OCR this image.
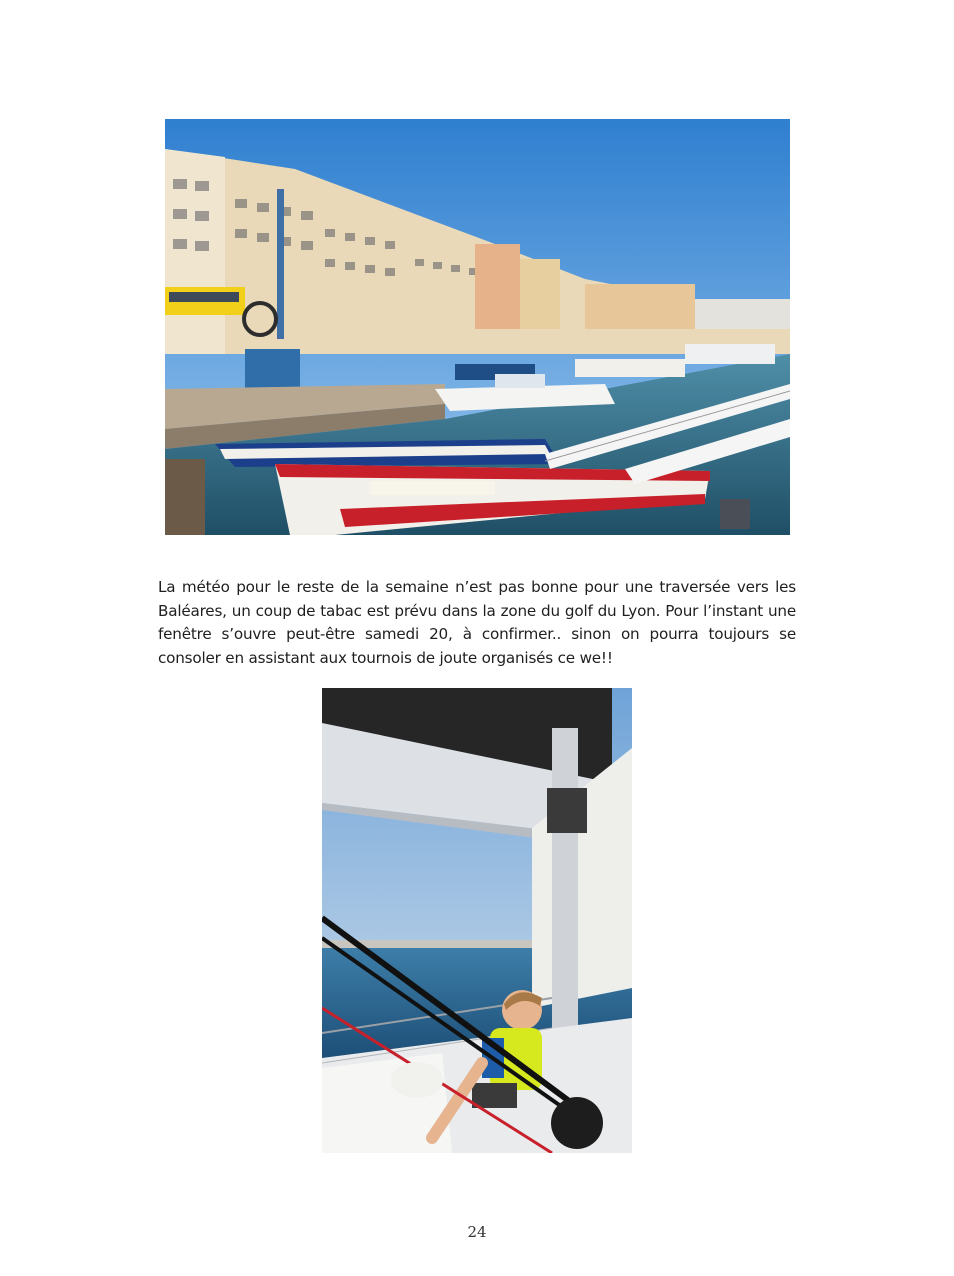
La météo pour le reste de la semaine n’est pas bonne pour une traversée vers les Baléares, un coup de tabac est prévu dans la zone du golf du Lyon. Pour l’instant une fenêtre s’ouvre peut-être samedi 20, à confirmer.. sinon on pourra toujours se consoler en assistant aux tournois de joute organisés ce we!!

24
